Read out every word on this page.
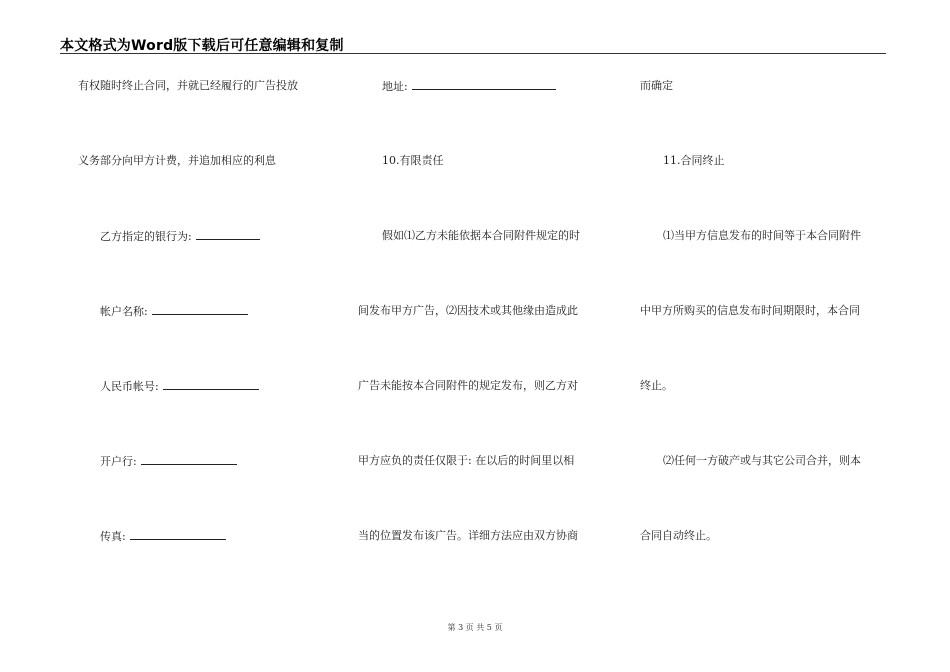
本文格式为Word版下载后可任意编辑和复制
有权随时终止合同，并就已经履行的广告投放
义务部分向甲方计费，并追加相应的利息
乙方指定的银行为:
帐户名称:
人民币帐号:
开户行:
传真:
地址:
10.有限责任
假如⑴乙方未能依据本合同附件规定的时
间发布甲方广告，⑵因技术或其他缘由造成此
广告未能按本合同附件的规定发布，则乙方对
甲方应负的责任仅限于: 在以后的时间里以相
当的位置发布该广告。详细方法应由双方协商
而确定
11.合同终止
⑴当甲方信息发布的时间等于本合同附件
中甲方所购买的信息发布时间期限时，本合同
终止。
⑵任何一方破产或与其它公司合并，则本
合同自动终止。
第 3 页 共 5 页
